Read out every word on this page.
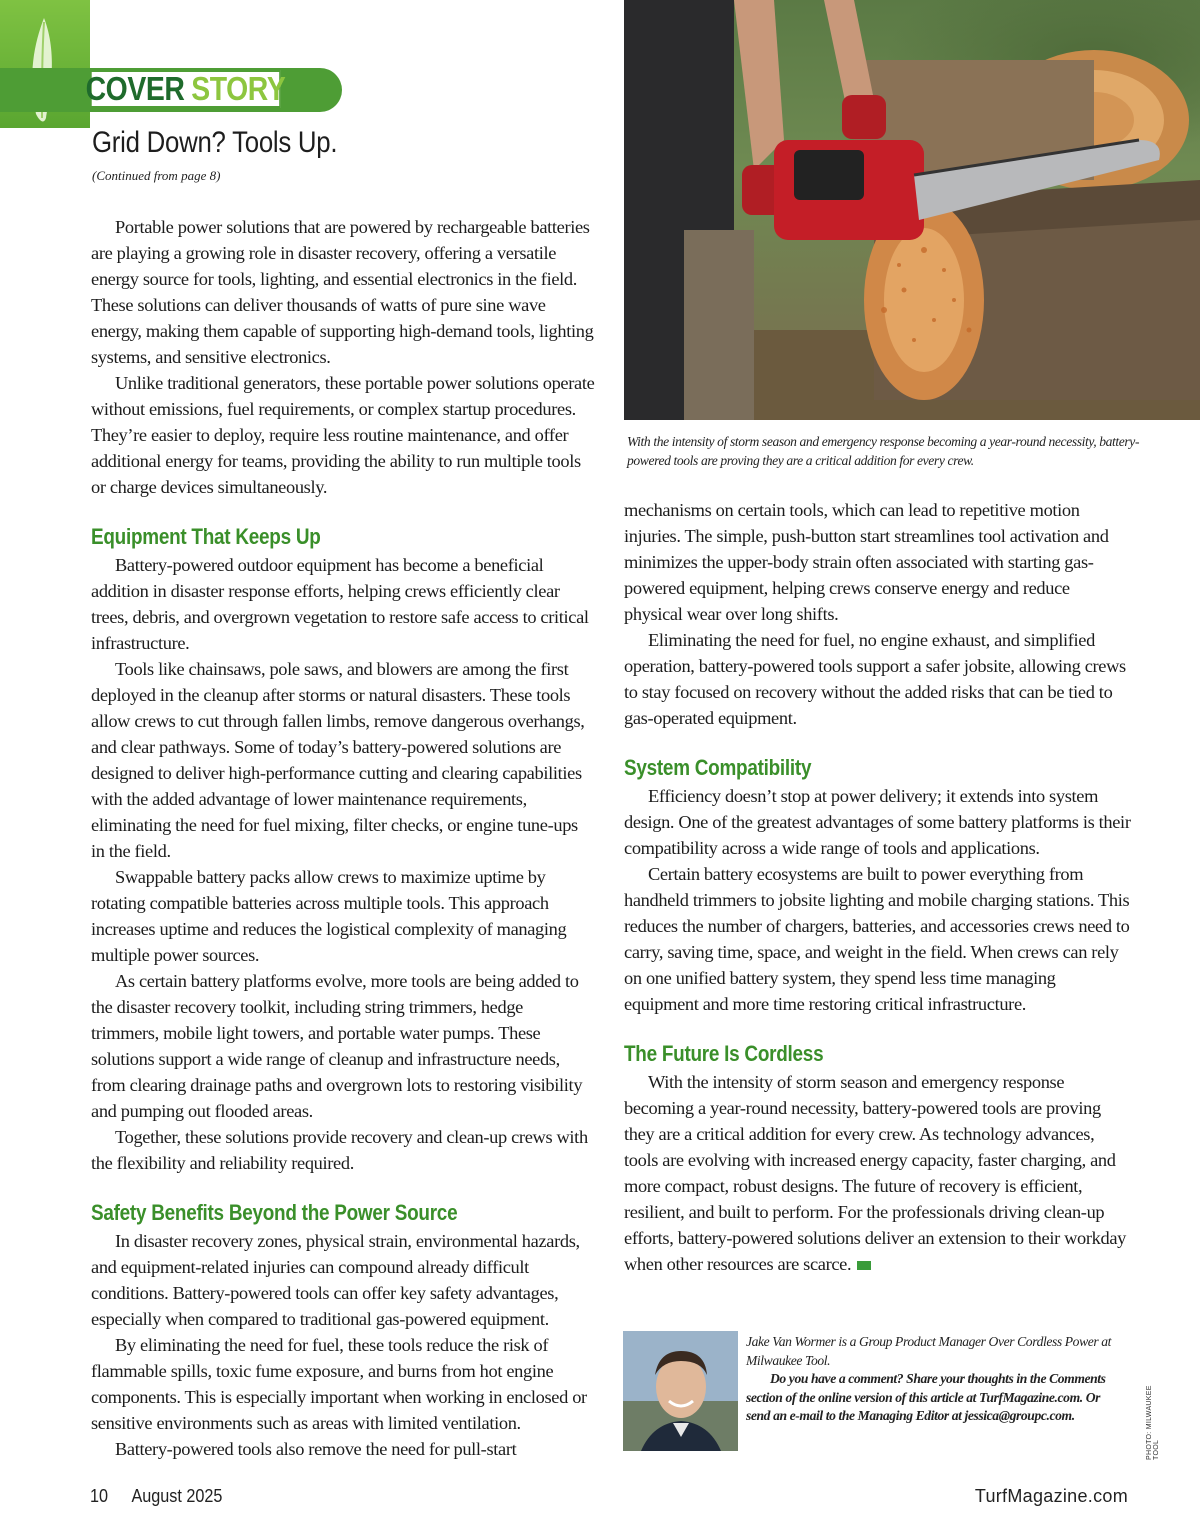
COVER STORY
Grid Down? Tools Up.
(Continued from page 8)

Portable power solutions that are powered by rechargeable batteries are playing a growing role in disaster recovery, offering a versatile energy source for tools, lighting, and essential electronics in the field. These solutions can deliver thousands of watts of pure sine wave energy, making them capable of supporting high-demand tools, lighting systems, and sensitive electronics.

Unlike traditional generators, these portable power solutions operate without emissions, fuel requirements, or complex startup procedures. They’re easier to deploy, require less routine maintenance, and offer additional energy for teams, providing the ability to run multiple tools or charge devices simultaneously.

Equipment That Keeps Up

Battery-powered outdoor equipment has become a beneficial addition in disaster response efforts, helping crews efficiently clear trees, debris, and overgrown vegetation to restore safe access to critical infrastructure.

Tools like chainsaws, pole saws, and blowers are among the first deployed in the cleanup after storms or natural disasters. These tools allow crews to cut through fallen limbs, remove dangerous overhangs, and clear pathways. Some of today’s battery-powered solutions are designed to deliver high-performance cutting and clearing capabilities with the added advantage of lower maintenance requirements, eliminating the need for fuel mixing, filter checks, or engine tune-ups in the field.

Swappable battery packs allow crews to maximize uptime by rotating compatible batteries across multiple tools. This approach increases uptime and reduces the logistical complexity of managing multiple power sources.

As certain battery platforms evolve, more tools are being added to the disaster recovery toolkit, including string trimmers, hedge trimmers, mobile light towers, and portable water pumps. These solutions support a wide range of cleanup and infrastructure needs, from clearing drainage paths and overgrown lots to restoring visibility and pumping out flooded areas.

Together, these solutions provide recovery and clean-up crews with the flexibility and reliability required.

Safety Benefits Beyond the Power Source

In disaster recovery zones, physical strain, environmental hazards, and equipment-related injuries can compound already difficult conditions. Battery-powered tools can offer key safety advantages, especially when compared to traditional gas-powered equipment.

By eliminating the need for fuel, these tools reduce the risk of flammable spills, toxic fume exposure, and burns from hot engine components. This is especially important when working in enclosed or sensitive environments such as areas with limited ventilation.

Battery-powered tools also remove the need for pull-start

With the intensity of storm season and emergency response becoming a year-round necessity, battery-powered tools are proving they are a critical addition for every crew.

mechanisms on certain tools, which can lead to repetitive motion injuries. The simple, push-button start streamlines tool activation and minimizes the upper-body strain often associated with starting gas-powered equipment, helping crews conserve energy and reduce physical wear over long shifts.

Eliminating the need for fuel, no engine exhaust, and simplified operation, battery-powered tools support a safer jobsite, allowing crews to stay focused on recovery without the added risks that can be tied to gas-operated equipment.

System Compatibility

Efficiency doesn’t stop at power delivery; it extends into system design. One of the greatest advantages of some battery platforms is their compatibility across a wide range of tools and applications.

Certain battery ecosystems are built to power everything from handheld trimmers to jobsite lighting and mobile charging stations. This reduces the number of chargers, batteries, and accessories crews need to carry, saving time, space, and weight in the field. When crews can rely on one unified battery system, they spend less time managing equipment and more time restoring critical infrastructure.

The Future Is Cordless

With the intensity of storm season and emergency response becoming a year-round necessity, battery-powered tools are proving they are a critical addition for every crew. As technology advances, tools are evolving with increased energy capacity, faster charging, and more compact, robust designs. The future of recovery is efficient, resilient, and built to perform. For the professionals driving clean-up efforts, battery-powered solutions deliver an extension to their workday when other resources are scarce.

Jake Van Wormer is a Group Product Manager Over Cordless Power at Milwaukee Tool.

Do you have a comment? Share your thoughts in the Comments section of the online version of this article at TurfMagazine.com. Or send an e-mail to the Managing Editor at jessica@groupc.com.	PHOTO: MILWAUKEE TOOL
10 August 2025	TurfMagazine.com
